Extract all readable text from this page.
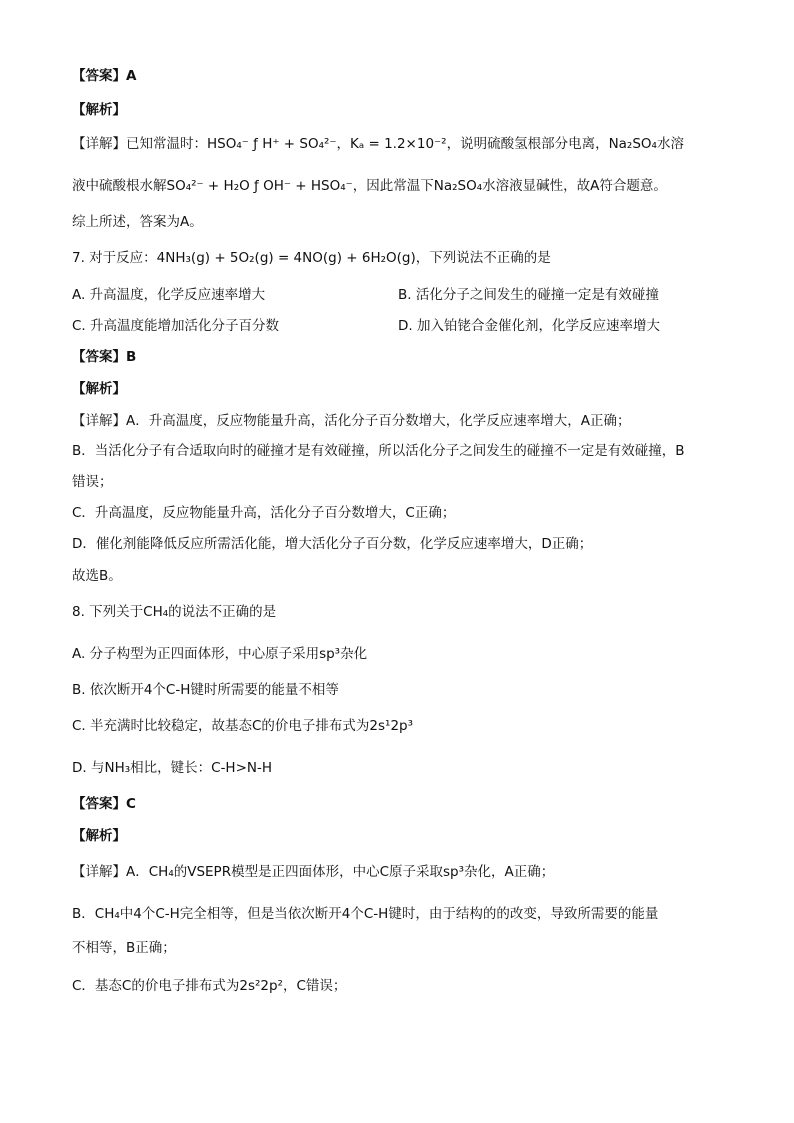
【答案】A
【解析】
【详解】已知常温时：HSO₄⁻ ƒ H⁺ + SO₄²⁻，Kₐ = 1.2×10⁻²，说明硫酸氢根部分电离，Na₂SO₄水溶
液中硫酸根水解SO₄²⁻ + H₂O ƒ OH⁻ + HSO₄⁻，因此常温下Na₂SO₄水溶液显碱性，故A符合题意。
综上所述，答案为A。
7. 对于反应：4NH₃(g) + 5O₂(g) = 4NO(g) + 6H₂O(g)，下列说法不正确的是
A. 升高温度，化学反应速率增大	B. 活化分子之间发生的碰撞一定是有效碰撞
C. 升高温度能增加活化分子百分数	D. 加入铂铑合金催化剂，化学反应速率增大
【答案】B
【解析】
【详解】A．升高温度，反应物能量升高，活化分子百分数增大，化学反应速率增大，A正确；
B．当活化分子有合适取向时的碰撞才是有效碰撞，所以活化分子之间发生的碰撞不一定是有效碰撞，B
错误；
C．升高温度，反应物能量升高，活化分子百分数增大，C正确；
D．催化剂能降低反应所需活化能，增大活化分子百分数，化学反应速率增大，D正确；
故选B。
8. 下列关于CH₄的说法不正确的是
A. 分子构型为正四面体形，中心原子采用sp³杂化
B. 依次断开4个C-H键时所需要的能量不相等
C. 半充满时比较稳定，故基态C的价电子排布式为2s¹2p³
D. 与NH₃相比，键长：C-H>N-H
【答案】C
【解析】
【详解】A．CH₄的VSEPR模型是正四面体形，中心C原子采取sp³杂化，A正确；
B．CH₄中4个C-H完全相等，但是当依次断开4个C-H键时，由于结构的的改变，导致所需要的能量
不相等，B正确；
C．基态C的价电子排布式为2s²2p²，C错误；
